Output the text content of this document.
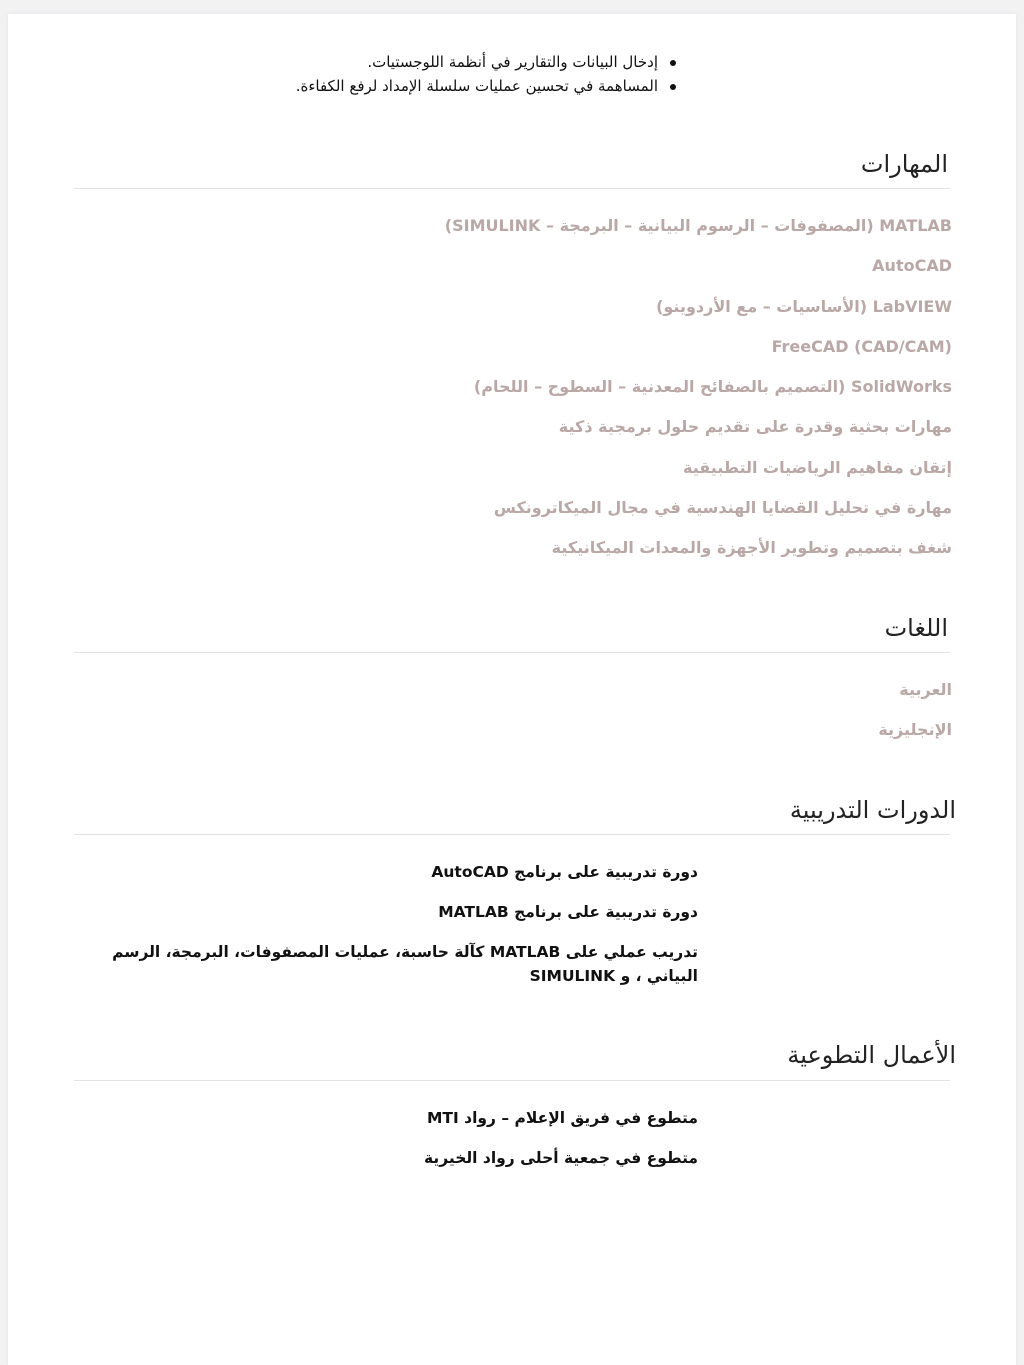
إدخال البيانات والتقارير في أنظمة اللوجستيات.
المساهمة في تحسين عمليات سلسلة الإمداد لرفع الكفاءة.
المهارات
MATLAB (المصفوفات – الرسوم البيانية – البرمجة – SIMULINK)
AutoCAD
LabVIEW (الأساسيات – مع الأردوينو)
FreeCAD (CAD/CAM)
SolidWorks (التصميم بالصفائح المعدنية – السطوح – اللحام)
مهارات بحثية وقدرة على تقديم حلول برمجية ذكية
إتقان مفاهيم الرياضيات التطبيقية
مهارة في تحليل القضايا الهندسية في مجال الميكاترونكس
شغف بتصميم وتطوير الأجهزة والمعدات الميكانيكية
اللغات
العربية
الإنجليزية
الدورات التدريبية
دورة تدريبية على برنامج AutoCAD
دورة تدريبية على برنامج MATLAB
تدريب عملي على MATLAB كآلة حاسبة، عمليات المصفوفات، البرمجة، الرسم البياني ، و SIMULINK
الأعمال التطوعية
متطوع في فريق الإعلام – رواد MTI
متطوع في جمعية أحلى رواد الخيرية
